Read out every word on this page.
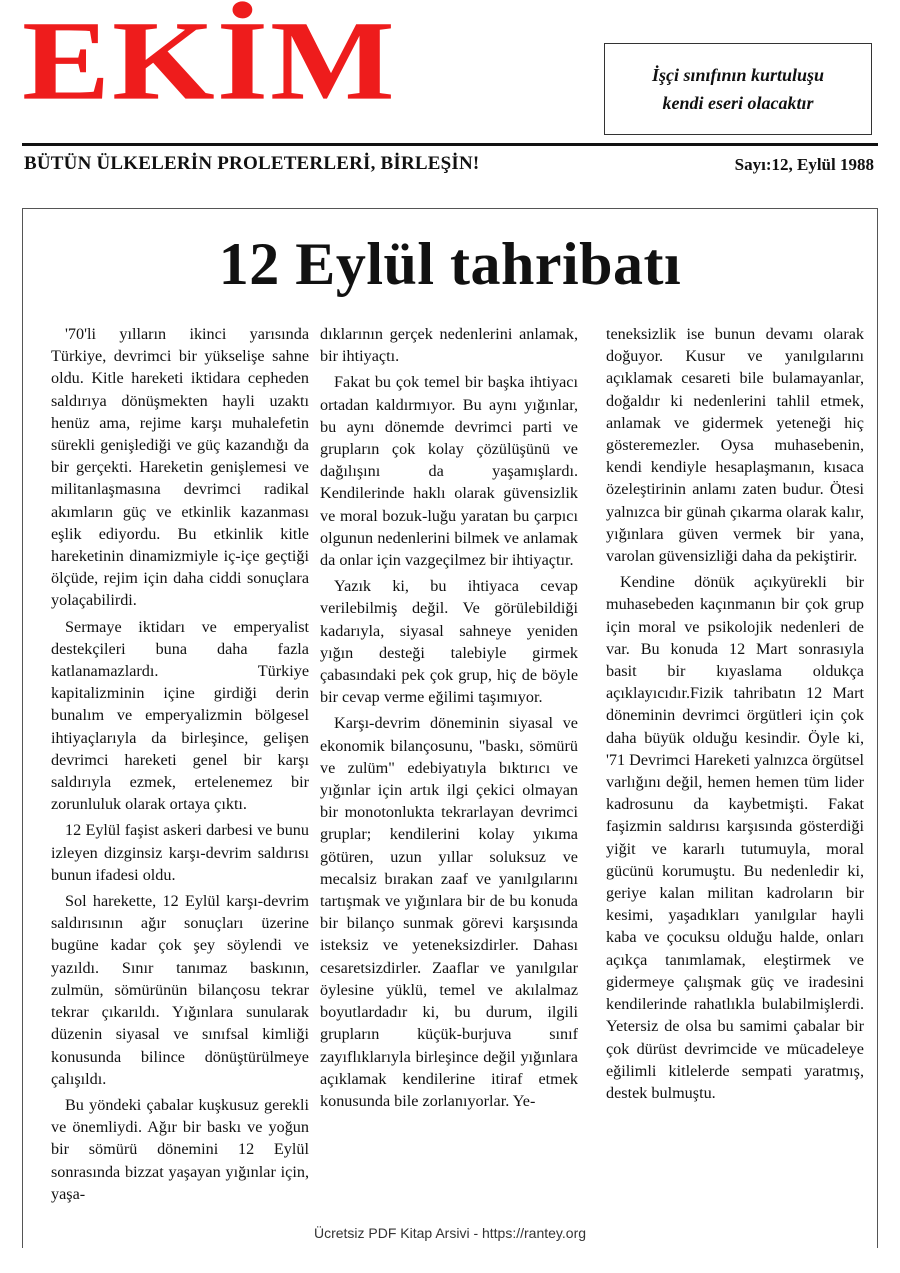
EKİM	İşçi sınıfının kurtuluşu
kendi eseri olacaktır
BÜTÜN ÜLKELERİN PROLETERLERİ, BİRLEŞİN!	Sayı:12, Eylül 1988
12 Eylül tahribatı

'70'li yılların ikinci yarısında Türkiye, devrimci bir yükselişe sahne oldu. Kitle hareketi iktidara cepheden saldırıya dönüşmekten hayli uzaktı henüz ama, rejime karşı muhalefetin sürekli genişlediği ve güç kazandığı da bir gerçekti. Hareketin genişlemesi ve militanlaşmasına devrimci radikal akımların güç ve etkinlik kazanması eşlik ediyordu. Bu etkinlik kitle hareketinin dinamizmiyle iç-içe geçtiği ölçüde, rejim için daha ciddi sonuçlara yolaçabilirdi.

Sermaye iktidarı ve emperyalist destekçileri buna daha fazla katlanamazlardı. Türkiye kapitalizminin içine girdiği derin bunalım ve emperyalizmin bölgesel ihtiyaçlarıyla da birleşince, gelişen devrimci hareketi genel bir karşı saldırıyla ezmek, ertelenemez bir zorunluluk olarak ortaya çıktı.

12 Eylül faşist askeri darbesi ve bunu izleyen dizginsiz karşı-devrim saldırısı bunun ifadesi oldu.

Sol harekette, 12 Eylül karşı-devrim saldırısının ağır sonuçları üzerine bugüne kadar çok şey söylendi ve yazıldı. Sınır tanımaz baskının, zulmün, sömürünün bilançosu tekrar tekrar çıkarıldı. Yığınlara sunularak düzenin siyasal ve sınıfsal kimliği konusunda bilince dönüştürülmeye çalışıldı.

Bu yöndeki çabalar kuşkusuz gerekli ve önemliydi. Ağır bir baskı ve yoğun bir sömürü dönemini 12 Eylül sonrasında bizzat yaşayan yığınlar için, yaşa-

dıklarının gerçek nedenlerini anlamak, bir ihtiyaçtı.

Fakat bu çok temel bir başka ihtiyacı ortadan kaldırmıyor. Bu aynı yığınlar, bu aynı dönemde devrimci parti ve grupların çok kolay çözülüşünü ve dağılışını da yaşamışlardı. Kendilerinde haklı olarak güvensizlik ve moral bozuk-luğu yaratan bu çarpıcı olgunun nedenlerini bilmek ve anlamak da onlar için vazgeçilmez bir ihtiyaçtır.

Yazık ki, bu ihtiyaca cevap verilebilmiş değil. Ve görülebildiği kadarıyla, siyasal sahneye yeniden yığın desteği talebiyle girmek çabasındaki pek çok grup, hiç de böyle bir cevap verme eğilimi taşımıyor.

Karşı-devrim döneminin siyasal ve ekonomik bilançosunu, "baskı, sömürü ve zulüm" edebiyatıyla bıktırıcı ve yığınlar için artık ilgi çekici olmayan bir monotonlukta tekrarlayan devrimci gruplar; kendilerini kolay yıkıma götüren, uzun yıllar soluksuz ve mecalsiz bırakan zaaf ve yanılgılarını tartışmak ve yığınlara bir de bu konuda bir bilanço sunmak görevi karşısında isteksiz ve yeteneksizdirler. Dahası cesaretsizdirler. Zaaflar ve yanılgılar öylesine yüklü, temel ve akılalmaz boyutlardadır ki, bu durum, ilgili grupların küçük-burjuva sınıf zayıflıklarıyla birleşince değil yığınlara açıklamak kendilerine itiraf etmek konusunda bile zorlanıyorlar. Ye-

teneksizlik ise bunun devamı olarak doğuyor. Kusur ve yanılgılarını açıklamak cesareti bile bulamayanlar, doğaldır ki nedenlerini tahlil etmek, anlamak ve gidermek yeteneği hiç gösteremezler. Oysa muhasebenin, kendi kendiyle hesaplaşmanın, kısaca özeleştirinin anlamı zaten budur. Ötesi yalnızca bir günah çıkarma olarak kalır, yığınlara güven vermek bir yana, varolan güvensizliği daha da pekiştirir.

Kendine dönük açıkyürekli bir muhasebeden kaçınmanın bir çok grup için moral ve psikolojik nedenleri de var. Bu konuda 12 Mart sonrasıyla basit bir kıyaslama oldukça açıklayıcıdır.Fizik tahribatın 12 Mart döneminin devrimci örgütleri için çok daha büyük olduğu kesindir. Öyle ki, '71 Devrimci Hareketi yalnızca örgütsel varlığını değil, hemen hemen tüm lider kadrosunu da kaybetmişti. Fakat faşizmin saldırısı karşısında gösterdiği yiğit ve kararlı tutumuyla, moral gücünü korumuştu. Bu nedenledir ki, geriye kalan militan kadroların bir kesimi, yaşadıkları yanılgılar hayli kaba ve çocuksu olduğu halde, onları açıkça tanımlamak, eleştirmek ve gidermeye çalışmak güç ve iradesini kendilerinde rahatlıkla bulabilmişlerdi. Yetersiz de olsa bu samimi çabalar bir çok dürüst devrimcide ve mücadeleye eğilimli kitlelerde sempati yaratmış, destek bulmuştu.

Ücretsiz PDF Kitap Arsivi - https://rantey.org
